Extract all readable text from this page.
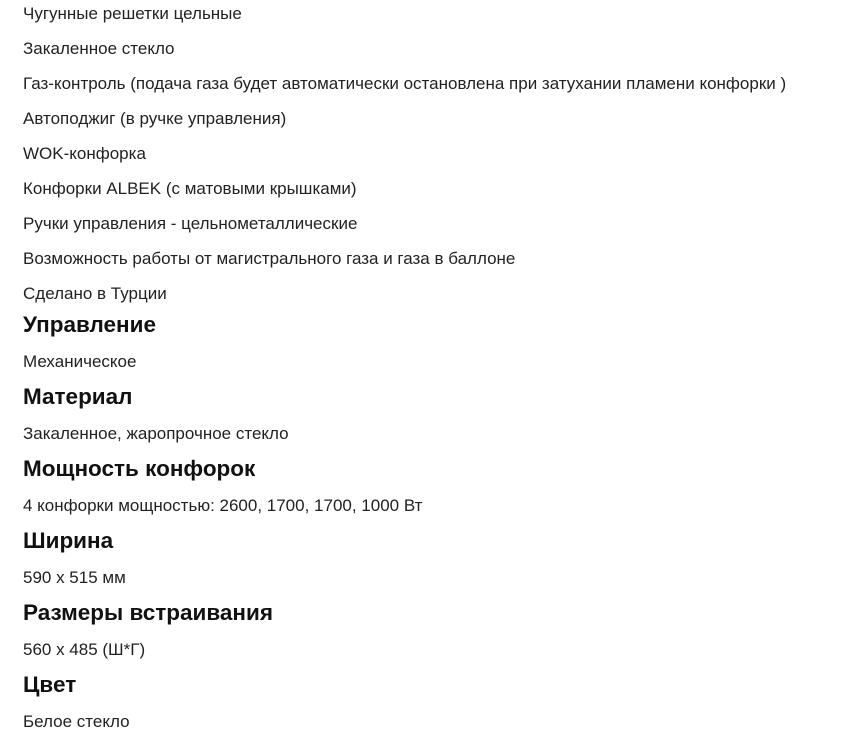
Чугунные решетки цельные
Закаленное стекло
Газ-контроль (подача газа будет автоматически остановлена при затухании пламени конфорки )
Автоподжиг (в ручке управления)
WOK-конфорка
Конфорки ALBEK (с матовыми крышками)
Ручки управления - цельнометаллические
Возможность работы от магистрального газа и газа в баллоне
Сделано в Турции
Управление
Механическое
Материал
Закаленное, жаропрочное стекло
Мощность конфорок
4 конфорки мощностью: 2600, 1700, 1700, 1000 Вт
Ширина
590 x 515 мм
Размеры встраивания
560 x 485 (Ш*Г)
Цвет
Белое стекло
